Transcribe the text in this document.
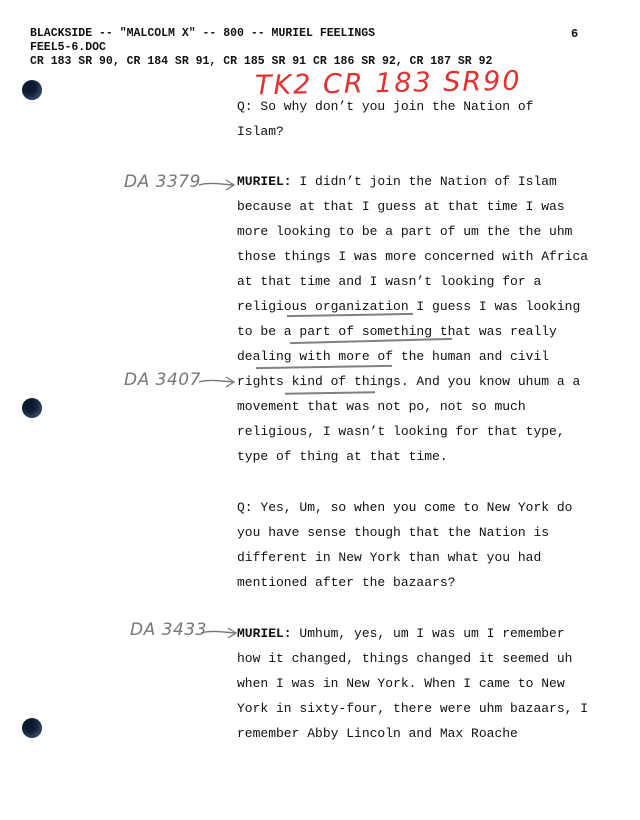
BLACKSIDE -- "MALCOLM X" -- 800 -- MURIEL FEELINGS
FEEL5-6.DOC
CR 183 SR 90, CR 184 SR 91, CR 185 SR 91 CR 186 SR 92, CR 187 SR 92
6
TK2 CR 183 SR90
DA 3379
DA 3407
DA 3433
Q: So why don’t you join the Nation of
Islam?
MURIEL: I didn’t join the Nation of Islam
because at that I guess at that time I was
more looking to be a part of um the the uhm
those things I was more concerned with Africa
at that time and I wasn’t looking for a
religious organization I guess I was looking
to be a part of something that was really
dealing with more of the human and civil
rights kind of things. And you know uhum a a
movement that was not po, not so much
religious, I wasn’t looking for that type,
type of thing at that time.
Q: Yes, Um, so when you come to New York do
you have sense though that the Nation is
different in New York than what you had
mentioned after the bazaars?
MURIEL: Umhum, yes, um I was um I remember
how it changed, things changed it seemed uh
when I was in New York. When I came to New
York in sixty-four, there were uhm bazaars, I
remember Abby Lincoln and Max Roache
